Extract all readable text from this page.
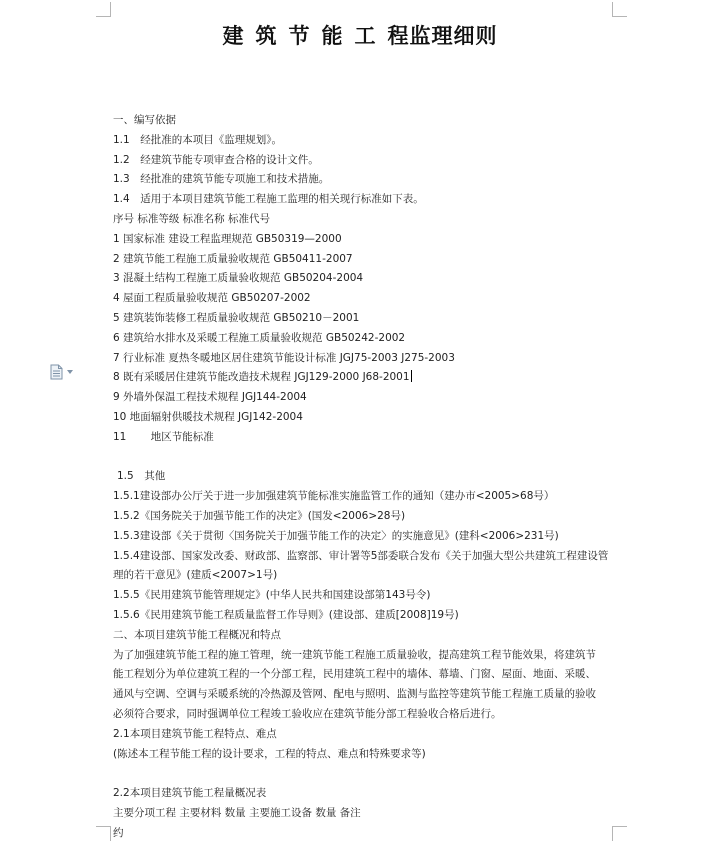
建筑节能工程监理细则
一、编写依据
1.1　经批准的本项目《监理规划》。
1.2　经建筑节能专项审查合格的设计文件。
1.3　经批准的建筑节能专项施工和技术措施。
1.4　适用于本项目建筑节能工程施工监理的相关现行标准如下表。
序号 标准等级 标准名称 标准代号
1 国家标准 建设工程监理规范 GB50319—2000
2 建筑节能工程施工质量验收规范 GB50411-2007
3 混凝土结构工程施工质量验收规范 GB50204-2004
4 屋面工程质量验收规范 GB50207-2002
5 建筑装饰装修工程质量验收规范 GB50210－2001
6 建筑给水排水及采暖工程施工质量验收规范 GB50242-2002
7 行业标准 夏热冬暖地区居住建筑节能设计标准 JGJ75-2003 J275-2003
8 既有采暖居住建筑节能改造技术规程 JGJ129-2000 J68-2001
9 外墙外保温工程技术规程 JGJ144-2004
10 地面辐射供暖技术规程 JGJ142-2004
11　　 地区节能标准
1.5　其他
1.5.1建设部办公厅关于进一步加强建筑节能标准实施监管工作的通知（建办市<2005>68号）
1.5.2《国务院关于加强节能工作的决定》(国发<2006>28号)
1.5.3建设部《关于贯彻〈国务院关于加强节能工作的决定〉的实施意见》(建科<2006>231号)
1.5.4建设部、国家发改委、财政部、监察部、审计署等5部委联合发布《关于加强大型公共建筑工程建设管
理的若干意见》(建质<2007>1号)
1.5.5《民用建筑节能管理规定》(中华人民共和国建设部第143号令)
1.5.6《民用建筑节能工程质量监督工作导则》(建设部、建质[2008]19号)
二、本项目建筑节能工程概况和特点
为了加强建筑节能工程的施工管理，统一建筑节能工程施工质量验收，提高建筑工程节能效果，将建筑节
能工程划分为单位建筑工程的一个分部工程，民用建筑工程中的墙体、幕墙、门窗、屋面、地面、采暖、
通风与空调、空调与采暖系统的冷热源及管网、配电与照明、监测与监控等建筑节能工程施工质量的验收
必须符合要求，同时强调单位工程竣工验收应在建筑节能分部工程验收合格后进行。
2.1本项目建筑节能工程特点、难点
(陈述本工程节能工程的设计要求，工程的特点、难点和特殊要求等)
2.2本项目建筑节能工程量概况表
主要分项工程 主要材料 数量 主要施工设备 数量 备注
约
